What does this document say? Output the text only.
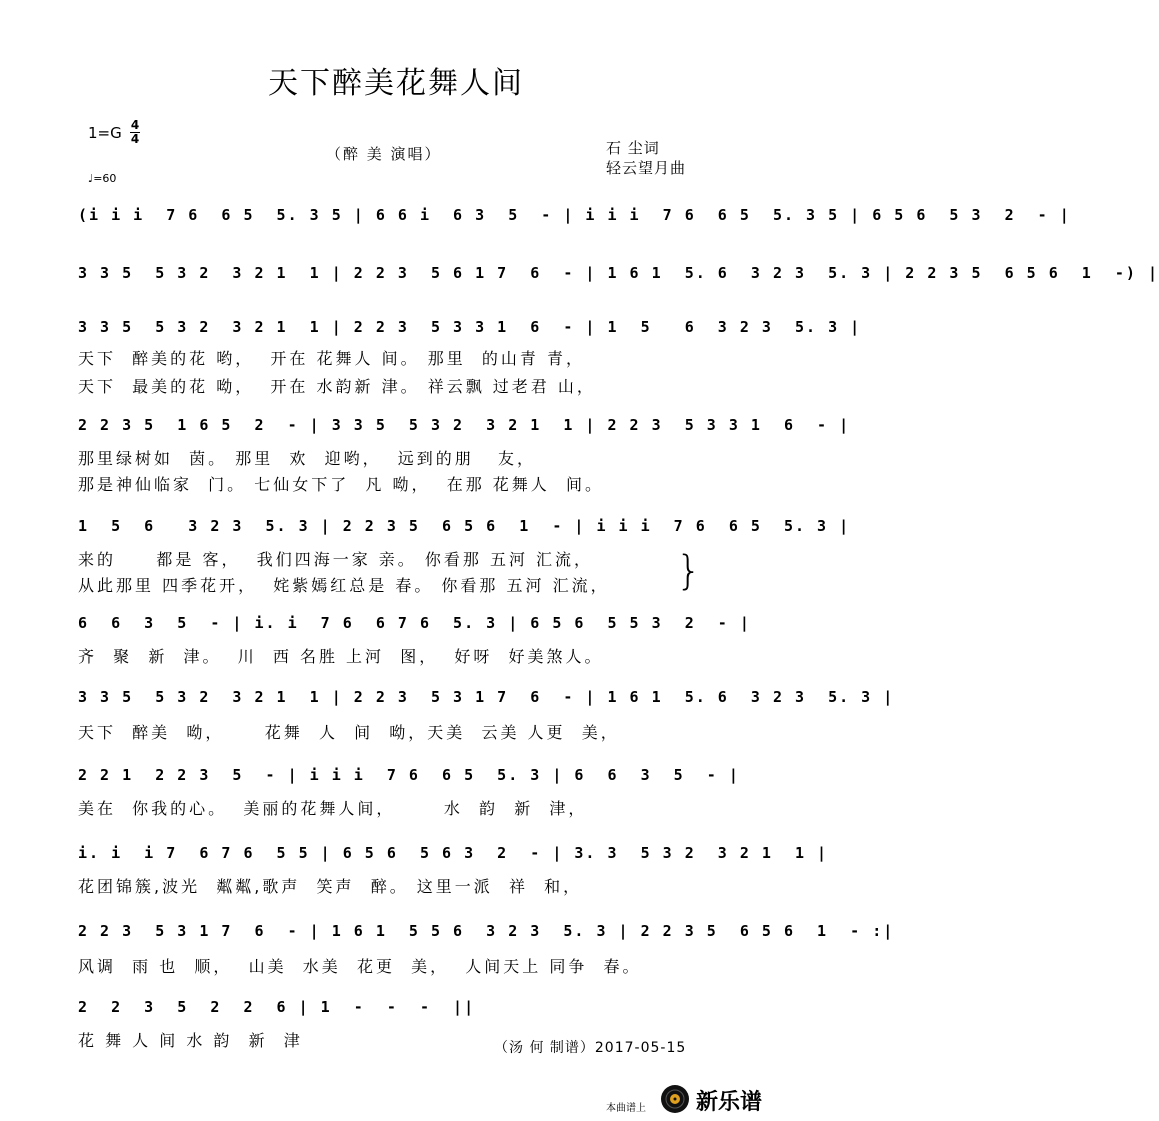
天下醉美花舞人间
1=G 4
4
♩=60
（醉 美 演唱）	石 尘词
轻云望月曲
(i i i  7 6  6 5  5. 3 5 | 6 6 i  6 3  5  - | i i i  7 6  6 5  5. 3 5 | 6 5 6  5 3  2  - |
3 3 5  5 3 2  3 2 1  1 | 2 2 3  5 6 1 7  6  - | 1 6 1  5. 6  3 2 3  5. 3 | 2 2 3 5  6 5 6  1  -) |
3 3 5  5 3 2  3 2 1  1 | 2 2 3  5 3 3 1  6  - | 1  5   6  3 2 3  5. 3 |
天下  醉美的花 哟，  开在 花舞人 间。 那里  的山青 青，
天下  最美的花 呦，  开在 水韵新 津。 祥云飘 过老君 山，
2 2 3 5  1 6 5  2  - | 3 3 5  5 3 2  3 2 1  1 | 2 2 3  5 3 3 1  6  - |
那里绿树如  茵。 那里  欢  迎哟，  远到的朋   友，
那是神仙临家  门。 七仙女下了  凡 呦，  在那 花舞人  间。
1  5  6   3 2 3  5. 3 | 2 2 3 5  6 5 6  1  - | i i i  7 6  6 5  5. 3 |
来的     都是 客，  我们四海一家 亲。 你看那 五河 汇流，
从此那里 四季花开，  姹紫嫣红总是 春。 你看那 五河 汇流， }
6  6  3  5  - | i. i  7 6  6 7 6  5. 3 | 6 5 6  5 5 3  2  - |
齐  聚  新  津。  川  西 名胜 上河  图，  好呀  好美煞人。
3 3 5  5 3 2  3 2 1  1 | 2 2 3  5 3 1 7  6  - | 1 6 1  5. 6  3 2 3  5. 3 |
天下  醉美  呦，     花舞  人  间  呦，天美  云美 人更  美，
2 2 1  2 2 3  5  - | i i i  7 6  6 5  5. 3 | 6  6  3  5  - |
美在  你我的心。  美丽的花舞人间，      水  韵  新  津，
i. i  i 7  6 7 6  5 5 | 6 5 6  5 6 3  2  - | 3. 3  5 3 2  3 2 1  1 |
花团锦簇,波光  粼粼,歌声  笑声  醉。 这里一派  祥  和，
2 2 3  5 3 1 7  6  - | 1 6 1  5 5 6  3 2 3  5. 3 | 2 2 3 5  6 5 6  1  - :|
风调  雨 也  顺，  山美  水美  花更  美，  人间天上 同争  春。
2  2  3  5  2  2  6 | 1  -  -  -  ||
花 舞 人 间 水 韵  新  津	（汤 何 制谱）2017-05-15
本曲谱上 新乐谱
